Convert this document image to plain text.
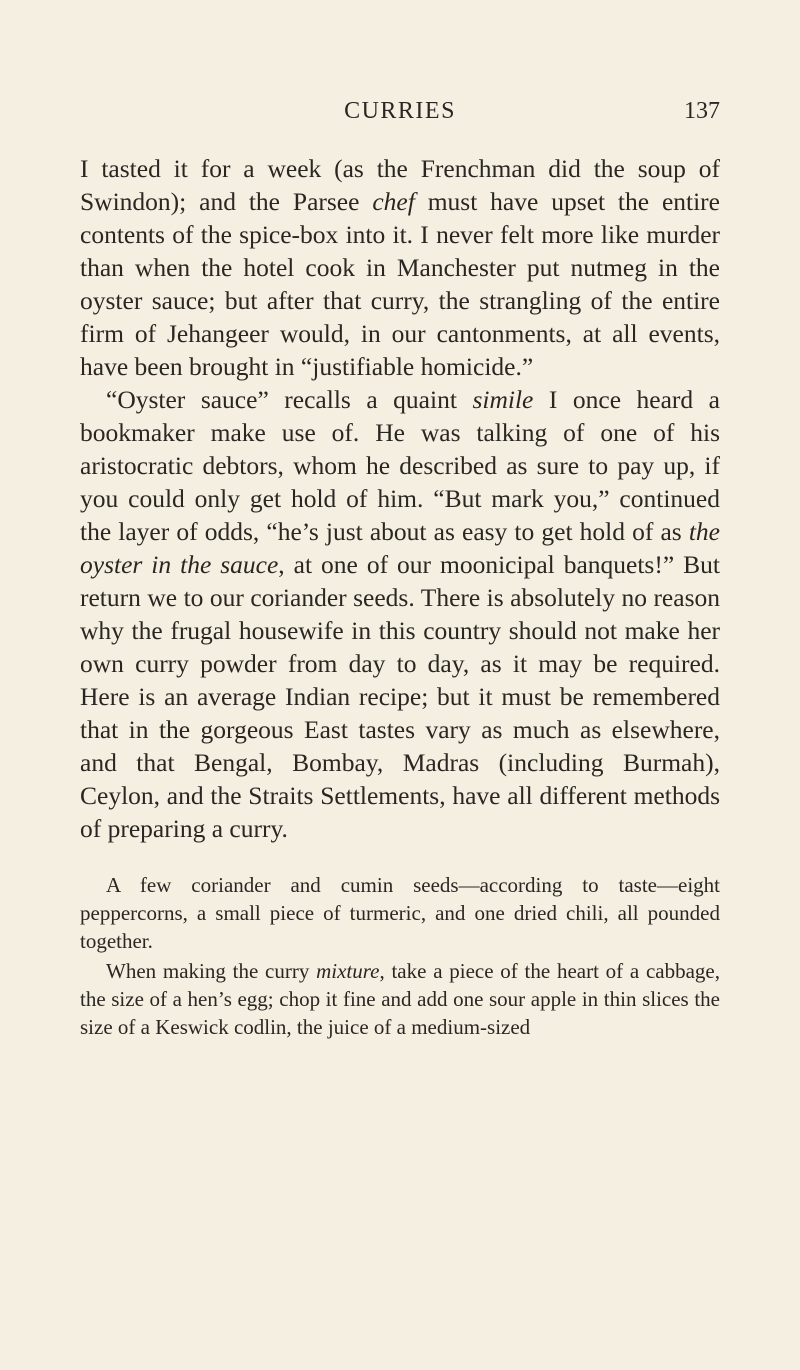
CURRIES	137

I tasted it for a week (as the Frenchman did the soup of Swindon); and the Parsee chef must have upset the entire contents of the spice-box into it. I never felt more like murder than when the hotel cook in Manchester put nutmeg in the oyster sauce; but after that curry, the strangling of the entire firm of Jehangeer would, in our cantonments, at all events, have been brought in “justifiable homicide.”

“Oyster sauce” recalls a quaint simile I once heard a bookmaker make use of. He was talking of one of his aristocratic debtors, whom he described as sure to pay up, if you could only get hold of him. “But mark you,” continued the layer of odds, “he’s just about as easy to get hold of as the oyster in the sauce, at one of our moonicipal banquets!” But return we to our coriander seeds. There is absolutely no reason why the frugal housewife in this country should not make her own curry powder from day to day, as it may be required. Here is an average Indian recipe; but it must be remembered that in the gorgeous East tastes vary as much as elsewhere, and that Bengal, Bombay, Madras (including Burmah), Ceylon, and the Straits Settlements, have all different methods of preparing a curry.

A few coriander and cumin seeds—according to taste—eight peppercorns, a small piece of turmeric, and one dried chili, all pounded together.

When making the curry mixture, take a piece of the heart of a cabbage, the size of a hen’s egg; chop it fine and add one sour apple in thin slices the size of a Keswick codlin, the juice of a medium-sized
